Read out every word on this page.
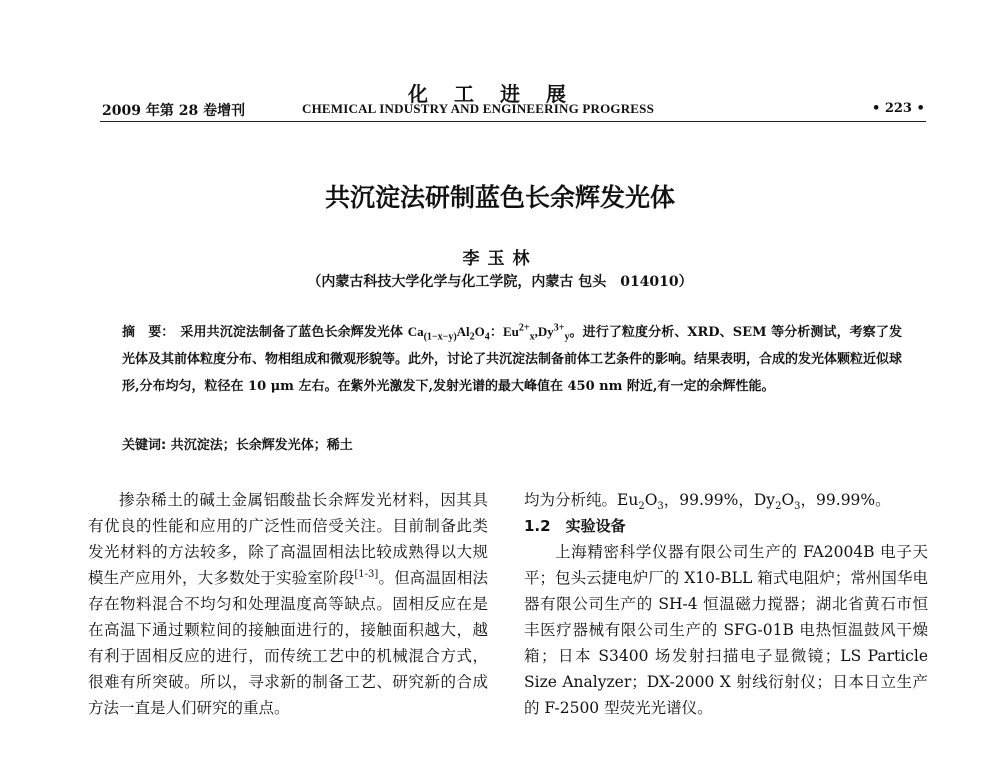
化工进展
2009 年第 28 卷增刊	CHEMICAL INDUSTRY AND ENGINEERING PROGRESS	• 223 •
共沉淀法研制蓝色长余辉发光体
李玉林
（内蒙古科技大学化学与化工学院，内蒙古 包头　014010）
摘　要： 采用共沉淀法制备了蓝色长余辉发光体 $Ca_{(1-x-y)}Al_2O_4$：$Eu^{2+}_x,Dy^{3+}_y$。进行了粒度分析、XRD、SEM 等分析测试，考察了发光体及其前体粒度分布、物相组成和微观形貌等。此外，讨论了共沉淀法制备前体工艺条件的影响。结果表明，合成的发光体颗粒近似球形,分布均匀，粒径在 10 μm 左右。在紫外光激发下,发射光谱的最大峰值在 450 nm 附近,有一定的余辉性能。
关键词: 共沉淀法；长余辉发光体；稀土
掺杂稀土的碱土金属铝酸盐长余辉发光材料，因其具有优良的性能和应用的广泛性而倍受关注。目前制备此类发光材料的方法较多，除了高温固相法比较成熟得以大规模生产应用外，大多数处于实验室阶段[1-3]。但高温固相法存在物料混合不均匀和处理温度高等缺点。固相反应在是在高温下通过颗粒间的接触面进行的，接触面积越大，越有利于固相反应的进行，而传统工艺中的机械混合方式，很难有所突破。所以，寻求新的制备工艺、研究新的合成方法一直是人们研究的重点。

均为分析纯。$Eu_2O_3$，99.99%，$Dy_2O_3$，99.99%。

1.2　实验设备

上海精密科学仪器有限公司生产的 FA2004B 电子天平；包头云捷电炉厂的 X10-BLL 箱式电阻炉；常州国华电器有限公司生产的 SH-4 恒温磁力搅器；湖北省黄石市恒丰医疗器械有限公司生产的 SFG-01B 电热恒温鼓风干燥箱；日本 S3400 场发射扫描电子显微镜；LS Particle Size Analyzer；DX-2000 X 射线衍射仪；日本日立生产的 F-2500 型荧光光谱仪。
